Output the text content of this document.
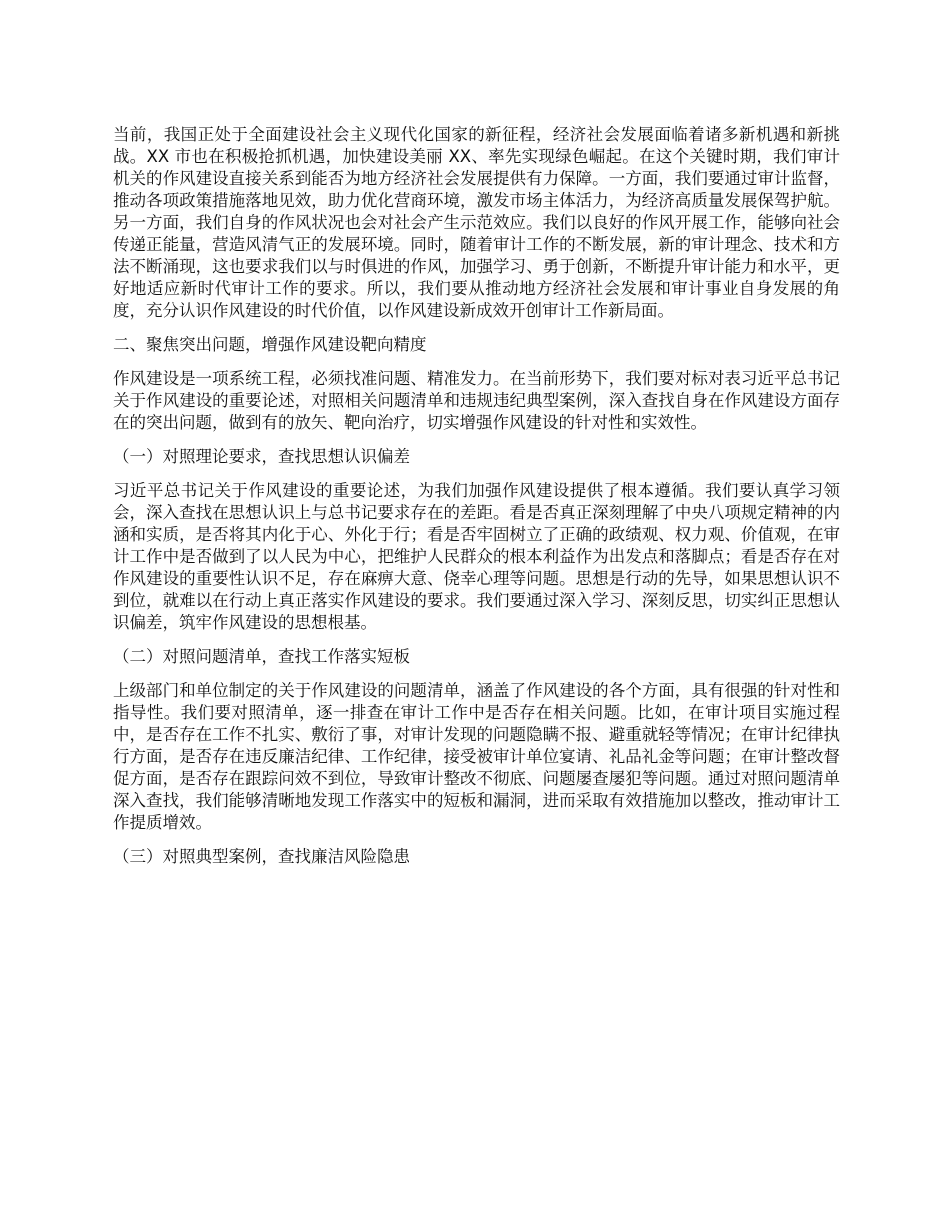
当前，我国正处于全面建设社会主义现代化国家的新征程，经济社会发展面临着诸多新机遇和新挑战。XX 市也在积极抢抓机遇，加快建设美丽 XX、率先实现绿色崛起。在这个关键时期，我们审计机关的作风建设直接关系到能否为地方经济社会发展提供有力保障。一方面，我们要通过审计监督，推动各项政策措施落地见效，助力优化营商环境，激发市场主体活力，为经济高质量发展保驾护航。另一方面，我们自身的作风状况也会对社会产生示范效应。我们以良好的作风开展工作，能够向社会传递正能量，营造风清气正的发展环境。同时，随着审计工作的不断发展，新的审计理念、技术和方法不断涌现，这也要求我们以与时俱进的作风，加强学习、勇于创新，不断提升审计能力和水平，更好地适应新时代审计工作的要求。所以，我们要从推动地方经济社会发展和审计事业自身发展的角度，充分认识作风建设的时代价值，以作风建设新成效开创审计工作新局面。

二、聚焦突出问题，增强作风建设靶向精度

作风建设是一项系统工程，必须找准问题、精准发力。在当前形势下，我们要对标对表习近平总书记关于作风建设的重要论述，对照相关问题清单和违规违纪典型案例，深入查找自身在作风建设方面存在的突出问题，做到有的放矢、靶向治疗，切实增强作风建设的针对性和实效性。

（一）对照理论要求，查找思想认识偏差

习近平总书记关于作风建设的重要论述，为我们加强作风建设提供了根本遵循。我们要认真学习领会，深入查找在思想认识上与总书记要求存在的差距。看是否真正深刻理解了中央八项规定精神的内涵和实质，是否将其内化于心、外化于行；看是否牢固树立了正确的政绩观、权力观、价值观，在审计工作中是否做到了以人民为中心，把维护人民群众的根本利益作为出发点和落脚点；看是否存在对作风建设的重要性认识不足，存在麻痹大意、侥幸心理等问题。思想是行动的先导，如果思想认识不到位，就难以在行动上真正落实作风建设的要求。我们要通过深入学习、深刻反思，切实纠正思想认识偏差，筑牢作风建设的思想根基。

（二）对照问题清单，查找工作落实短板

上级部门和单位制定的关于作风建设的问题清单，涵盖了作风建设的各个方面，具有很强的针对性和指导性。我们要对照清单，逐一排查在审计工作中是否存在相关问题。比如，在审计项目实施过程中，是否存在工作不扎实、敷衍了事，对审计发现的问题隐瞒不报、避重就轻等情况；在审计纪律执行方面，是否存在违反廉洁纪律、工作纪律，接受被审计单位宴请、礼品礼金等问题；在审计整改督促方面，是否存在跟踪问效不到位，导致审计整改不彻底、问题屡查屡犯等问题。通过对照问题清单深入查找，我们能够清晰地发现工作落实中的短板和漏洞，进而采取有效措施加以整改，推动审计工作提质增效。

（三）对照典型案例，查找廉洁风险隐患
